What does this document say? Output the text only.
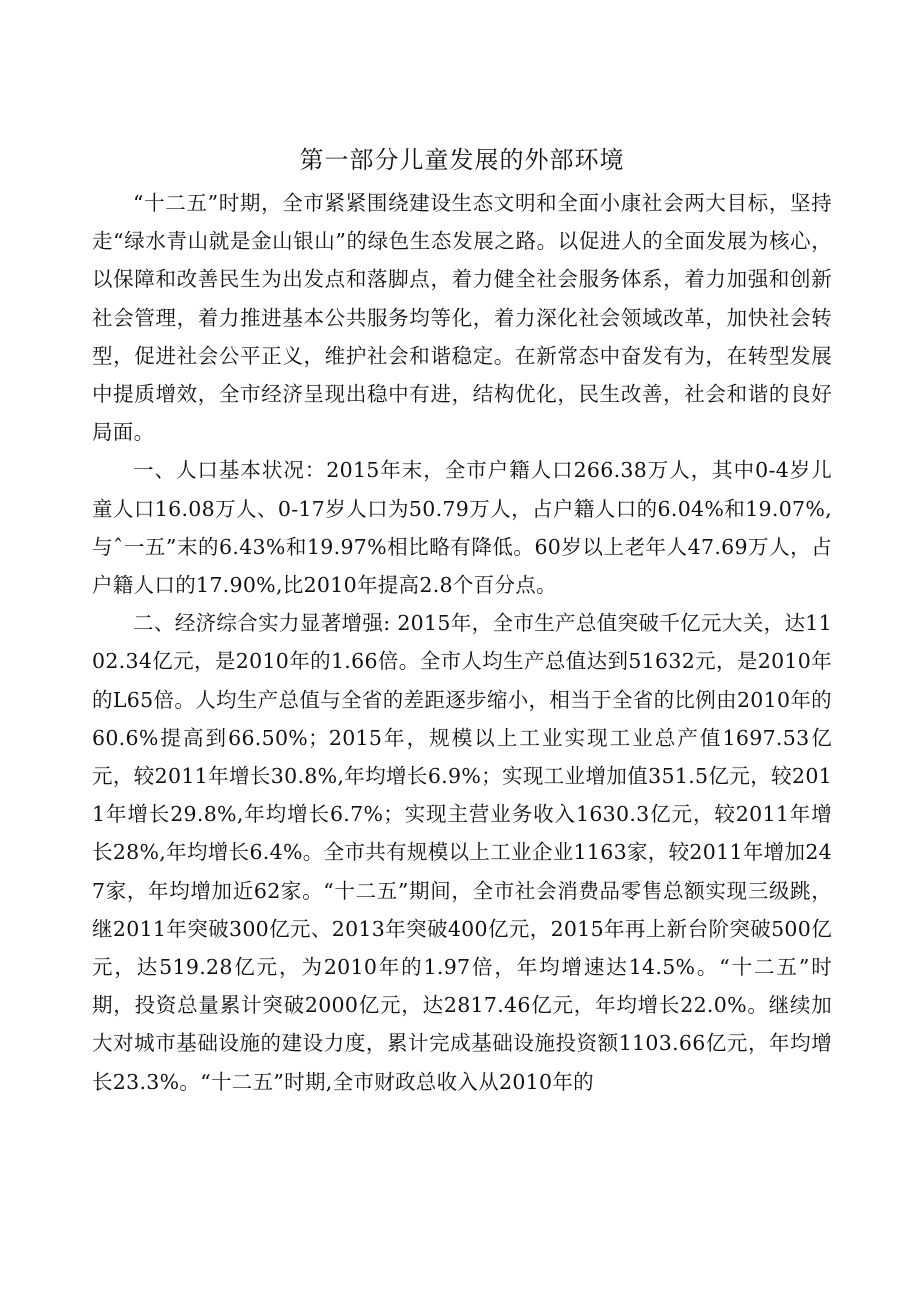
第一部分儿童发展的外部环境

“十二五”时期，全市紧紧围绕建设生态文明和全面小康社会两大目标，坚持走“绿水青山就是金山银山”的绿色生态发展之路。以促进人的全面发展为核心，以保障和改善民生为出发点和落脚点，着力健全社会服务体系，着力加强和创新社会管理，着力推进基本公共服务均等化，着力深化社会领域改革，加快社会转型，促进社会公平正义，维护社会和谐稳定。在新常态中奋发有为，在转型发展中提质增效，全市经济呈现出稳中有进，结构优化，民生改善，社会和谐的良好局面。

一、人口基本状况：2015年末，全市户籍人口266.38万人，其中0-4岁儿童人口16.08万人、0-17岁人口为50.79万人，占户籍人口的6.04%和19.07%,与ˆ一五”末的6.43%和19.97%相比略有降低。60岁以上老年人47.69万人，占户籍人口的17.90%,比2010年提高2.8个百分点。

二、经济综合实力显著增强: 2015年，全市生产总值突破千亿元大关，达1102.34亿元，是2010年的1.66倍。全市人均生产总值达到51632元，是2010年的L65倍。人均生产总值与全省的差距逐步缩小，相当于全省的比例由2010年的60.6%提高到66.50%；2015年，规模以上工业实现工业总产值1697.53亿元，较2011年增长30.8%,年均增长6.9%；实现工业增加值351.5亿元，较2011年增长29.8%,年均增长6.7%；实现主营业务收入1630.3亿元，较2011年增长28%,年均增长6.4%。全市共有规模以上工业企业1163家，较2011年增加247家，年均增加近62家。“十二五”期间，全市社会消费品零售总额实现三级跳，继2011年突破300亿元、2013年突破400亿元，2015年再上新台阶突破500亿元，达519.28亿元，为2010年的1.97倍，年均增速达14.5%。“十二五”时期，投资总量累计突破2000亿元，达2817.46亿元，年均增长22.0%。继续加大对城市基础设施的建设力度，累计完成基础设施投资额1103.66亿元，年均增长23.3%。“十二五”时期,全市财政总收入从2010年的
